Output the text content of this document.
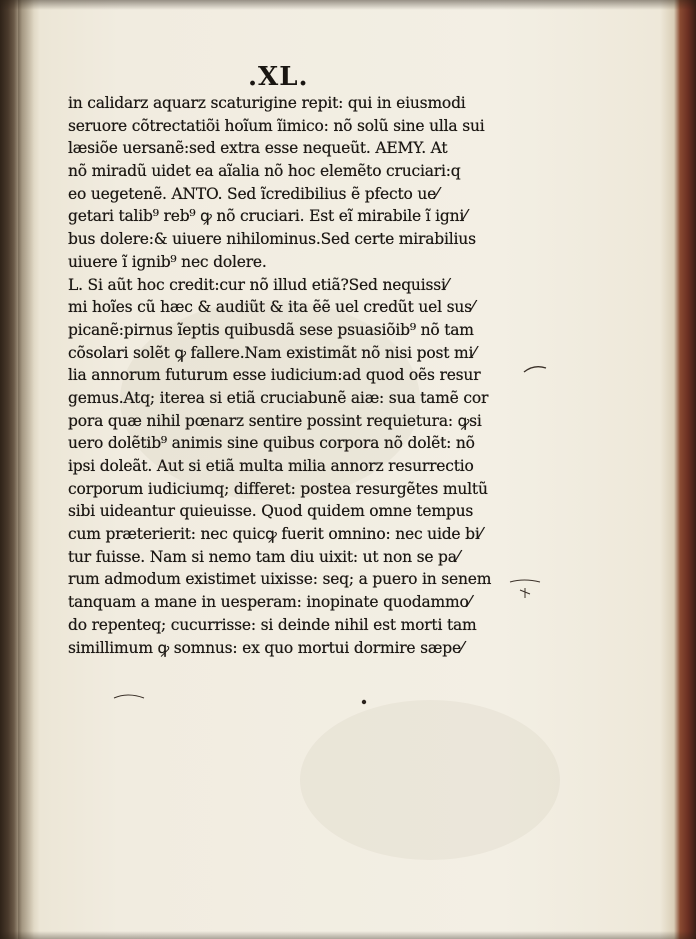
.XL.
in calidarz aquarz scaturigine repit: qui in eiusmodi
seruore cõtrectatiõi hoĩum ĩimico: nõ solũ sine ulla sui
læsiõe uersanẽ:sed extra esse nequeũt. AEMY. At
nõ miradũ uidet ea aĩalia nõ hoc elemẽto cruciari:q
eo uegetenẽ. ANTO. Sed ĩcredibilius ẽ pfecto ue⁄
getari talib⁹ reb⁹ ꝙ nõ cruciari. Est eĩ mirabile ĩ igni⁄
bus dolere:& uiuere nihilominus.Sed certe mirabilius
uiuere ĩ ignib⁹ nec dolere.
L. Si aũt hoc credit:cur nõ illud etiã?Sed nequissi⁄
mi hoĩes cũ hæc & audiũt & ita ẽẽ uel credũt uel sus⁄
picanẽ:pirnus ĩeptis quibusdã sese psuasiõib⁹ nõ tam
cõsolari solẽt ꝙ fallere.Nam existimãt nõ nisi post mi⁄
lia annorum futurum esse iudicium:ad quod oẽs resur
gemus.Atq; iterea si etiã cruciabunẽ aiæ: sua tamẽ cor
pora quæ nihil pœnarz sentire possint requietura: ꝙsi
uero dolẽtib⁹ animis sine quibus corpora nõ dolẽt: nõ
ipsi doleãt. Aut si etiã multa milia annorz resurrectio
corporum iudiciumq; differet: postea resurgẽtes multũ
sibi uideantur quieuisse. Quod quidem omne tempus
cum præterierit: nec quicꝙ fuerit omnino: nec uide bi⁄
tur fuisse. Nam si nemo tam diu uixit: ut non se pa⁄
rum admodum existimet uixisse: seq; a puero in senem
tanquam a mane in uesperam: inopinate quodammo⁄
do repenteq; cucurrisse: si deinde nihil est morti tam
simillimum ꝙ somnus: ex quo mortui dormire sæpe⁄
